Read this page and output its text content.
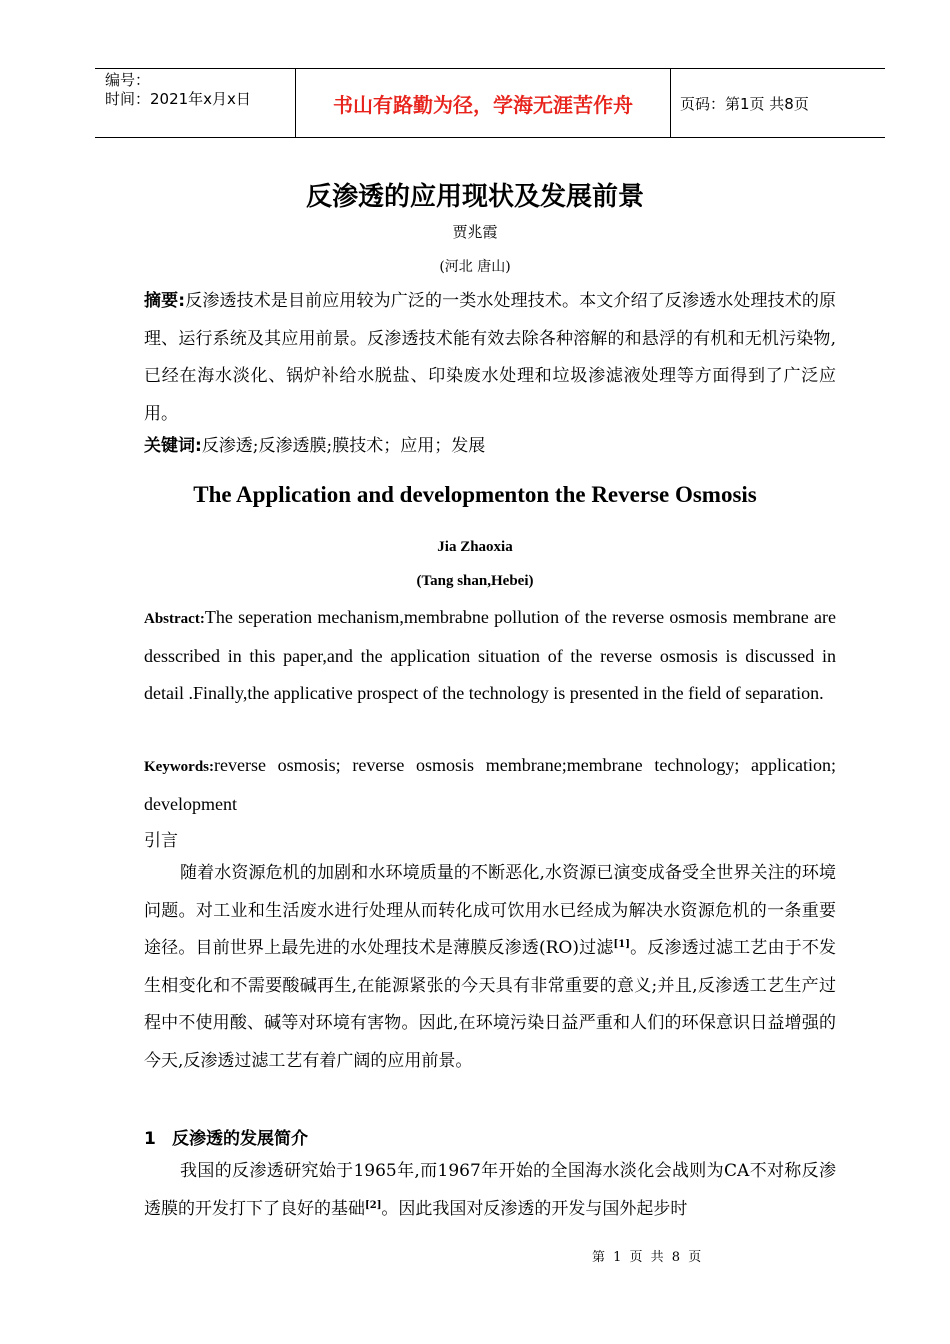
编号：
时间：2021年x月x日	书山有路勤为径，学海无涯苦作舟	页码：第1页 共8页
反渗透的应用现状及发展前景
贾兆霞
(河北 唐山)
摘要:反渗透技术是目前应用较为广泛的一类水处理技术。本文介绍了反渗透水处理技术的原理、运行系统及其应用前景。反渗透技术能有效去除各种溶解的和悬浮的有机和无机污染物,已经在海水淡化、锅炉补给水脱盐、印染废水处理和垃圾渗滤液处理等方面得到了广泛应用。
关键词:反渗透;反渗透膜;膜技术；应用；发展
The Application and developmenton the Reverse Osmosis
Jia Zhaoxia
(Tang shan,Hebei)
Abstract:The seperation mechanism,membrabne pollution of the reverse osmosis membrane are desscribed in this paper,and the application situation of the reverse osmosis is discussed in detail .Finally,the applicative prospect of the technology is presented in the field of separation.
Keywords:reverse osmosis; reverse osmosis membrane;membrane technology; application; development
引言
随着水资源危机的加剧和水环境质量的不断恶化,水资源已演变成备受全世界关注的环境问题。对工业和生活废水进行处理从而转化成可饮用水已经成为解决水资源危机的一条重要途径。目前世界上最先进的水处理技术是薄膜反渗透(RO)过滤[1]。反渗透过滤工艺由于不发生相变化和不需要酸碱再生,在能源紧张的今天具有非常重要的意义;并且,反渗透工艺生产过程中不使用酸、碱等对环境有害物。因此,在环境污染日益严重和人们的环保意识日益增强的今天,反渗透过滤工艺有着广阔的应用前景。
1 反渗透的发展简介
我国的反渗透研究始于1965年,而1967年开始的全国海水淡化会战则为CA不对称反渗透膜的开发打下了良好的基础[2]。因此我国对反渗透的开发与国外起步时
第 1 页 共 8 页
